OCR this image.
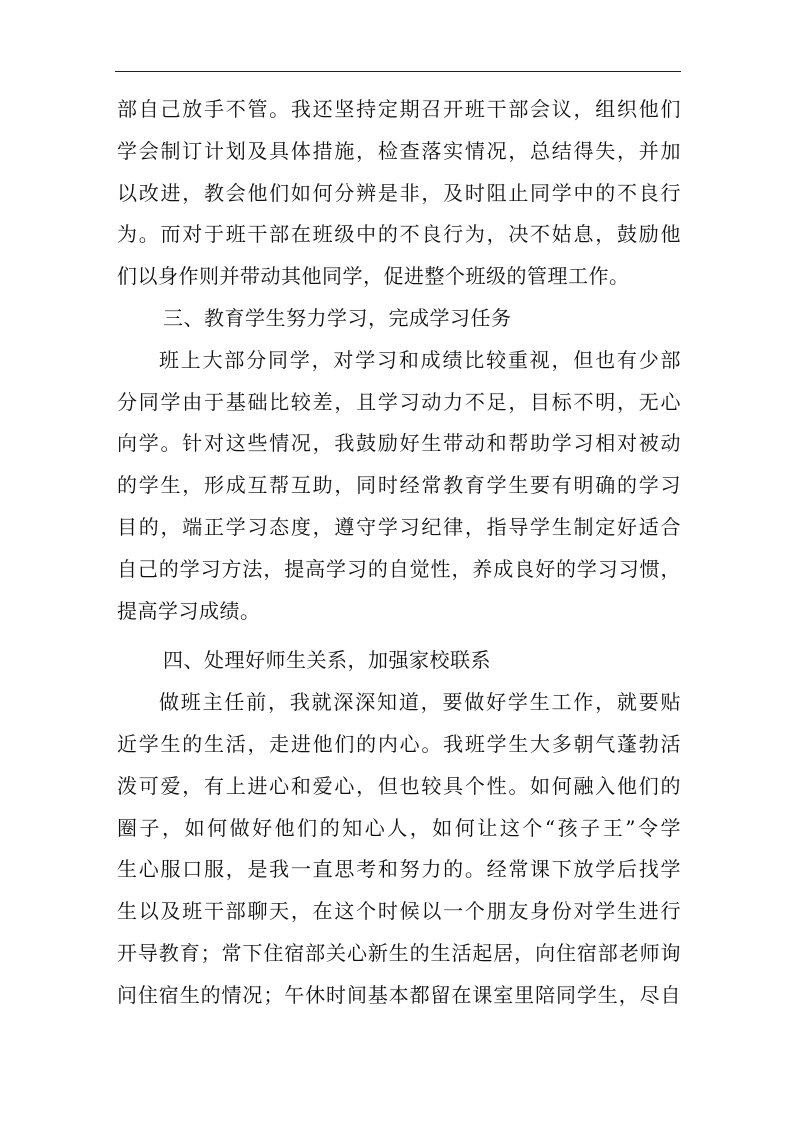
部自己放手不管。我还坚持定期召开班干部会议，组织他们
学会制订计划及具体措施，检查落实情况，总结得失，并加
以改进，教会他们如何分辨是非，及时阻止同学中的不良行
为。而对于班干部在班级中的不良行为，决不姑息，鼓励他
们以身作则并带动其他同学，促进整个班级的管理工作。
三、教育学生努力学习，完成学习任务
班上大部分同学，对学习和成绩比较重视，但也有少部
分同学由于基础比较差，且学习动力不足，目标不明，无心
向学。针对这些情况，我鼓励好生带动和帮助学习相对被动
的学生，形成互帮互助，同时经常教育学生要有明确的学习
目的，端正学习态度，遵守学习纪律，指导学生制定好适合
自己的学习方法，提高学习的自觉性，养成良好的学习习惯，
提高学习成绩。
四、处理好师生关系，加强家校联系
做班主任前，我就深深知道，要做好学生工作，就要贴
近学生的生活，走进他们的内心。我班学生大多朝气蓬勃活
泼可爱，有上进心和爱心，但也较具个性。如何融入他们的
圈子，如何做好他们的知心人，如何让这个“孩子王”令学
生心服口服，是我一直思考和努力的。经常课下放学后找学
生以及班干部聊天，在这个时候以一个朋友身份对学生进行
开导教育；常下住宿部关心新生的生活起居，向住宿部老师询
问住宿生的情况；午休时间基本都留在课室里陪同学生，尽自
